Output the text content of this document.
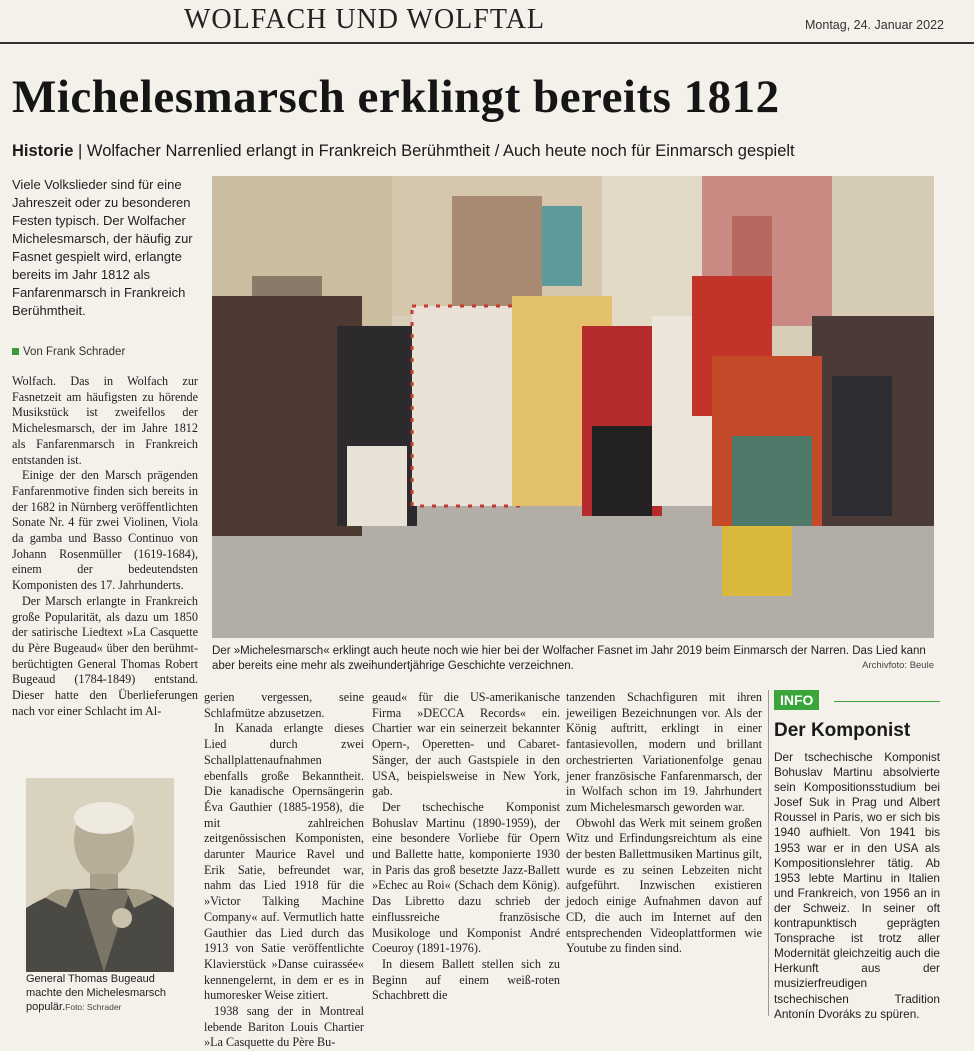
WOLFACH UND WOLFTAL	Montag, 24. Januar 2022
Michelesmarsch erklingt bereits 1812
Historie | Wolfacher Narrenlied erlangt in Frankreich Berühmtheit / Auch heute noch für Einmarsch gespielt
Viele Volkslieder sind für eine Jahreszeit oder zu besonderen Festen typisch. Der Wolfacher Michelesmarsch, der häufig zur Fasnet gespielt wird, erlangte bereits im Jahr 1812 als Fanfarenmarsch in Frankreich Berühmtheit.
Von Frank Schrader
Der »Michelesmarsch« erklingt auch heute noch wie hier bei der Wolfacher Fasnet im Jahr 2019 beim Einmarsch der Narren. Das Lied kann aber bereits eine mehr als zweihundertjährige Geschichte verzeichnen.	Archivfoto: Beule

Wolfach. Das in Wolfach zur Fasnetzeit am häufigsten zu hörende Musikstück ist zweifellos der Michelesmarsch, der im Jahre 1812 als Fanfarenmarsch in Frankreich entstanden ist.

Einige der den Marsch prägenden Fanfarenmotive finden sich bereits in der 1682 in Nürnberg veröffentlichten Sonate Nr. 4 für zwei Violinen, Viola da gamba und Basso Continuo von Johann Rosenmüller (1619-1684), einem der bedeutendsten Komponisten des 17. Jahrhunderts.

Der Marsch erlangte in Frankreich große Popularität, als dazu um 1850 der satirische Liedtext »La Casquette du Père Bugeaud« über den berühmt-berüchtigten General Thomas Robert Bugeaud (1784-1849) entstand. Dieser hatte den Überlieferungen nach vor einer Schlacht im Al-

General Thomas Bugeaud machte den Michelesmarsch populär.Foto: Schrader

gerien vergessen, seine Schlafmütze abzusetzen.

In Kanada erlangte dieses Lied durch zwei Schallplattenaufnahmen ebenfalls große Bekanntheit. Die kanadische Opernsängerin Éva Gauthier (1885-1958), die mit zahlreichen zeitgenössischen Komponisten, darunter Maurice Ravel und Erik Satie, befreundet war, nahm das Lied 1918 für die »Victor Talking Machine Company« auf. Vermutlich hatte Gauthier das Lied durch das 1913 von Satie veröffentlichte Klavierstück »Danse cuirassée« kennengelernt, in dem er es in humoresker Weise zitiert.

1938 sang der in Montreal lebende Bariton Louis Chartier »La Casquette du Père Bu-

geaud« für die US-amerikanische Firma »DECCA Records« ein. Chartier war ein seinerzeit bekannter Opern-, Operetten- und Cabaret-Sänger, der auch Gastspiele in den USA, beispielsweise in New York, gab.

Der tschechische Komponist Bohuslav Martinu (1890-1959), der eine besondere Vorliebe für Opern und Ballette hatte, komponierte 1930 in Paris das groß besetzte Jazz-Ballett »Echec au Roi« (Schach dem König). Das Libretto dazu schrieb der einflussreiche französische Musikologe und Komponist André Coeuroy (1891-1976).

In diesem Ballett stellen sich zu Beginn auf einem weiß-roten Schachbrett die

tanzenden Schachfiguren mit ihren jeweiligen Bezeichnungen vor. Als der König auftritt, erklingt in einer fantasievollen, modern und brillant orchestrierten Variationenfolge genau jener französische Fanfarenmarsch, der in Wolfach schon im 19. Jahrhundert zum Michelesmarsch geworden war.

Obwohl das Werk mit seinem großen Witz und Erfindungsreichtum als eine der besten Ballettmusiken Martinus gilt, wurde es zu seinen Lebzeiten nicht aufgeführt. Inzwischen existieren jedoch einige Aufnahmen davon auf CD, die auch im Internet auf den entsprechenden Videoplattformen wie Youtube zu finden sind.

INFO
Der Komponist
Der tschechische Komponist Bohuslav Martinu absolvierte sein Kompositionsstudium bei Josef Suk in Prag und Albert Roussel in Paris, wo er sich bis 1940 aufhielt. Von 1941 bis 1953 war er in den USA als Kompositionslehrer tätig. Ab 1953 lebte Martinu in Italien und Frankreich, von 1956 an in der Schweiz. In seiner oft kontrapunktisch geprägten Tonsprache ist trotz aller Modernität gleichzeitig auch die Herkunft aus der musizierfreudigen tschechischen Tradition Antonín Dvoráks zu spüren.
